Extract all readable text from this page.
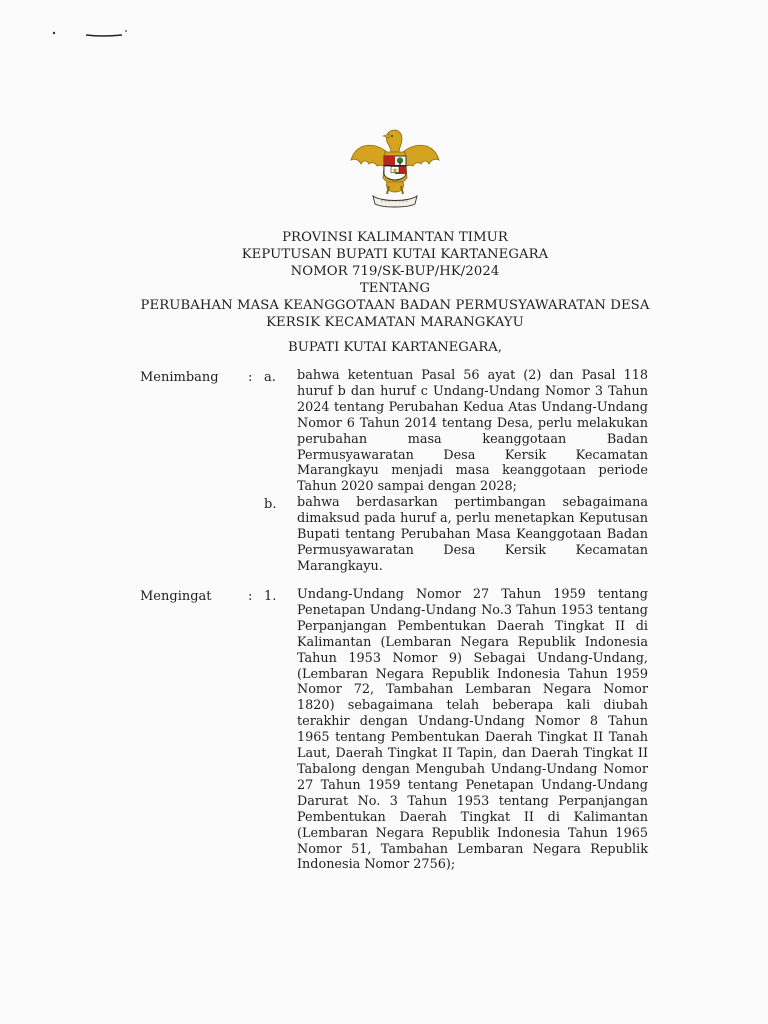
PROVINSI KALIMANTAN TIMUR
KEPUTUSAN BUPATI KUTAI KARTANEGARA
NOMOR 719/SK-BUP/HK/2024
TENTANG
PERUBAHAN MASA KEANGGOTAAN BADAN PERMUSYAWARATAN DESA
KERSIK KECAMATAN MARANGKAYU
BUPATI KUTAI KARTANEGARA,
Menimbang : a. bahwa ketentuan Pasal 56 ayat (2) dan Pasal 118 huruf b dan huruf c Undang-Undang Nomor 3 Tahun 2024 tentang Perubahan Kedua Atas Undang-Undang Nomor 6 Tahun 2014 tentang Desa, perlu melakukan perubahan masa keanggotaan Badan Permusyawaratan Desa Kersik Kecamatan Marangkayu menjadi masa keanggotaan periode Tahun 2020 sampai dengan 2028;
b. bahwa berdasarkan pertimbangan sebagaimana dimaksud pada huruf a, perlu menetapkan Keputusan Bupati tentang Perubahan Masa Keanggotaan Badan Permusyawaratan Desa Kersik Kecamatan Marangkayu.
Mengingat	: 1. Undang-Undang Nomor 27 Tahun 1959 tentang Penetapan Undang-Undang No.3 Tahun 1953 tentang Perpanjangan Pembentukan Daerah Tingkat II di Kalimantan (Lembaran Negara Republik Indonesia Tahun 1953 Nomor 9) Sebagai Undang-Undang, (Lembaran Negara Republik Indonesia Tahun 1959 Nomor 72, Tambahan Lembaran Negara Nomor 1820) sebagaimana telah beberapa kali diubah terakhir dengan Undang-Undang Nomor 8 Tahun 1965 tentang Pembentukan Daerah Tingkat II Tanah Laut, Daerah Tingkat II Tapin, dan Daerah Tingkat II Tabalong dengan Mengubah Undang-Undang Nomor 27 Tahun 1959 tentang Penetapan Undang-Undang Darurat No. 3 Tahun 1953 tentang Perpanjangan Pembentukan Daerah Tingkat II di Kalimantan (Lembaran Negara Republik Indonesia Tahun 1965 Nomor 51, Tambahan Lembaran Negara Republik Indonesia Nomor 2756);
